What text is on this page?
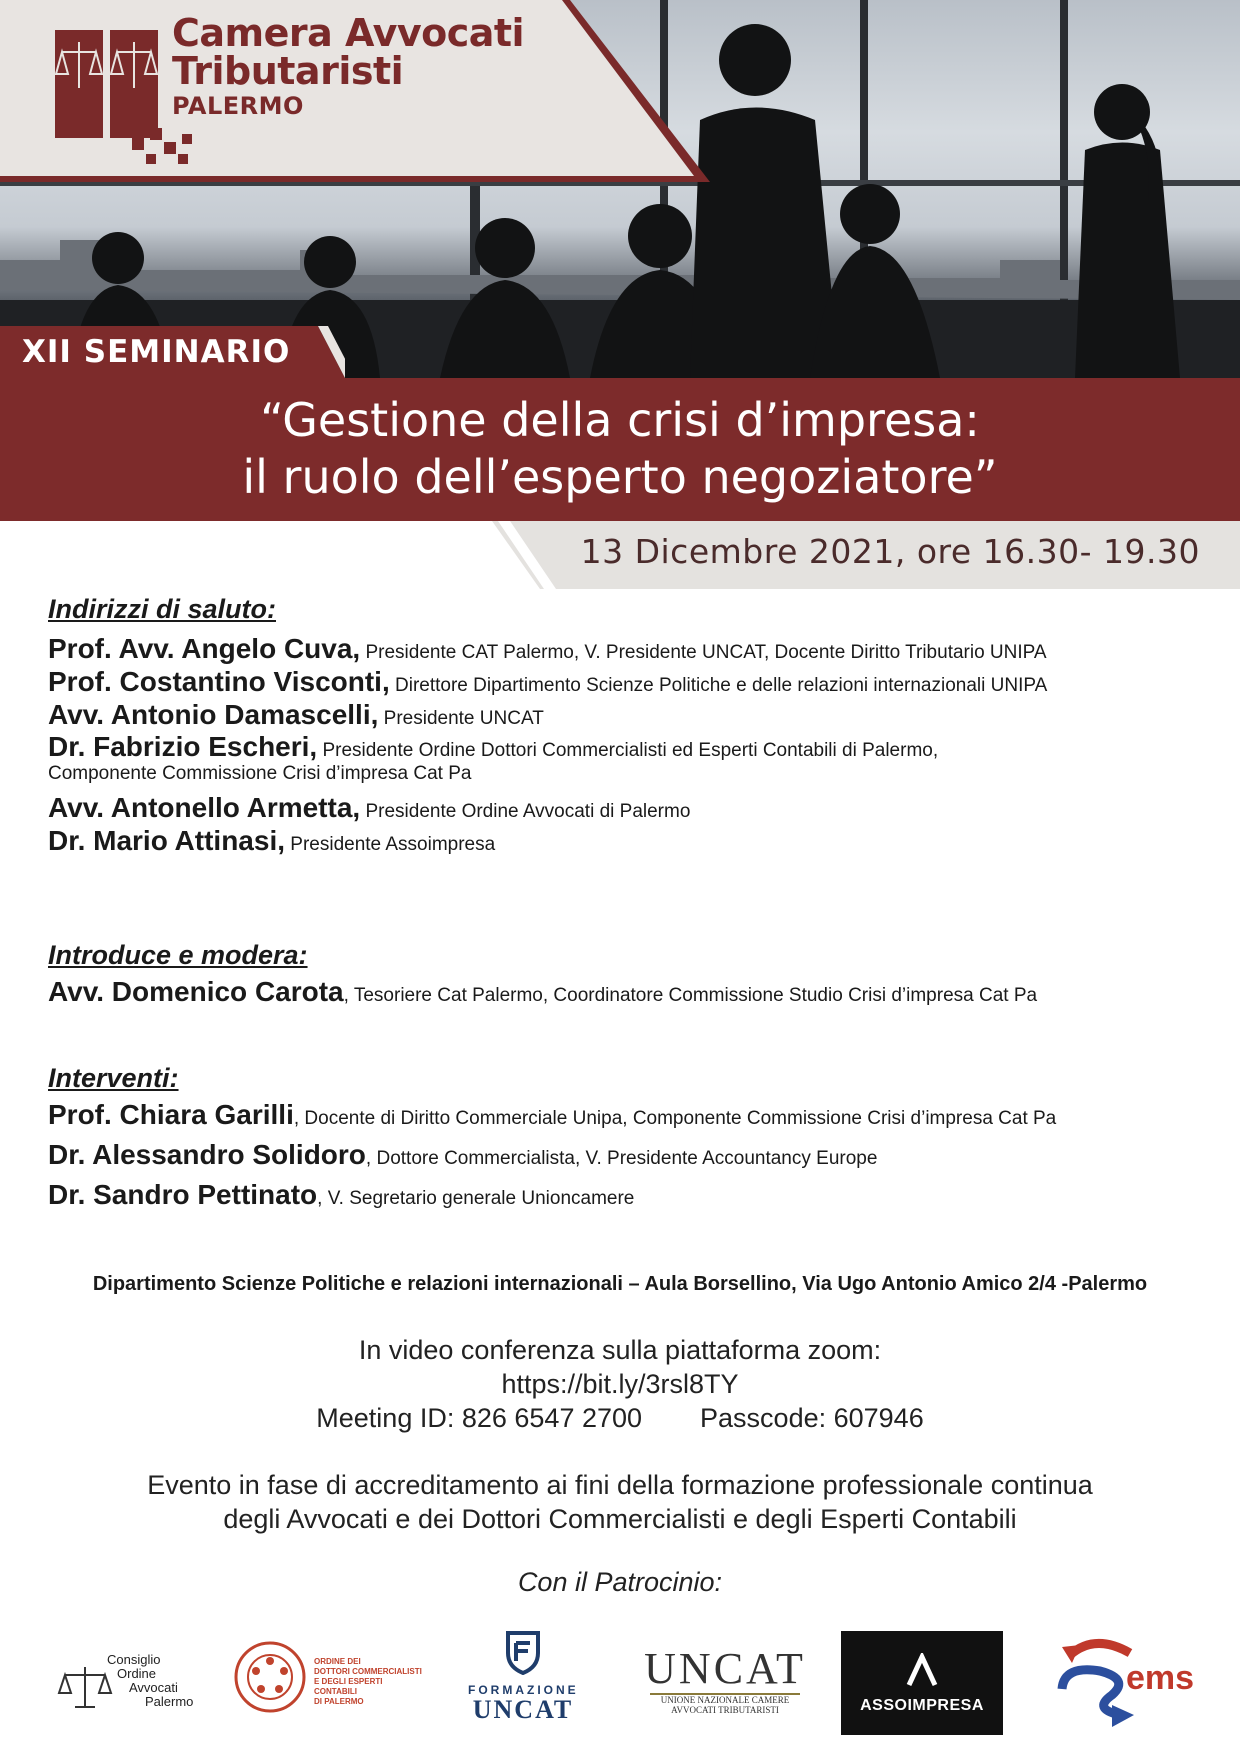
Camera Avvocati
Tributaristi
PALERMO
XII SEMINARIO
“Gestione della crisi d’impresa:
il ruolo dell’esperto negoziatore”
13 Dicembre 2021, ore 16.30- 19.30

Indirizzi di saluto:

Prof. Avv. Angelo Cuva, Presidente CAT Palermo, V. Presidente UNCAT, Docente Diritto Tributario UNIPA

Prof. Costantino Visconti, Direttore Dipartimento Scienze Politiche e delle relazioni internazionali UNIPA

Avv. Antonio Damascelli, Presidente UNCAT

Dr. Fabrizio Escheri, Presidente Ordine Dottori Commercialisti ed Esperti Contabili di Palermo,

Componente Commissione Crisi d’impresa Cat Pa

Avv. Antonello Armetta, Presidente Ordine Avvocati di Palermo

Dr. Mario Attinasi, Presidente Assoimpresa

Introduce e modera:

Avv. Domenico Carota, Tesoriere Cat Palermo, Coordinatore Commissione Studio Crisi d’impresa Cat Pa

Interventi:

Prof. Chiara Garilli, Docente di Diritto Commerciale Unipa, Componente Commissione Crisi d’impresa Cat Pa

Dr. Alessandro Solidoro, Dottore Commercialista, V. Presidente Accountancy Europe

Dr. Sandro Pettinato, V. Segretario generale Unioncamere

Dipartimento Scienze Politiche e relazioni internazionali – Aula Borsellino, Via Ugo Antonio Amico 2/4 -Palermo
In video conferenza sulla piattaforma zoom:
https://bit.ly/3rsl8TY
Meeting ID: 826 6547 2700 Passcode: 607946
Evento in fase di accreditamento ai fini della formazione professionale continua
degli Avvocati e dei Dottori Commercialisti e degli Esperti Contabili
Con il Patrocinio:
Consiglio
Ordine
Avvocati
Palermo
ORDINE DEI
DOTTORI COMMERCIALISTI
E DEGLI ESPERTI CONTABILI
DI PALERMO
FORMAZIONE
UNCAT
UNCAT
UNIONE NAZIONALE CAMERE
AVVOCATI TRIBUTARISTI	ASSOIMPRESA
ems
